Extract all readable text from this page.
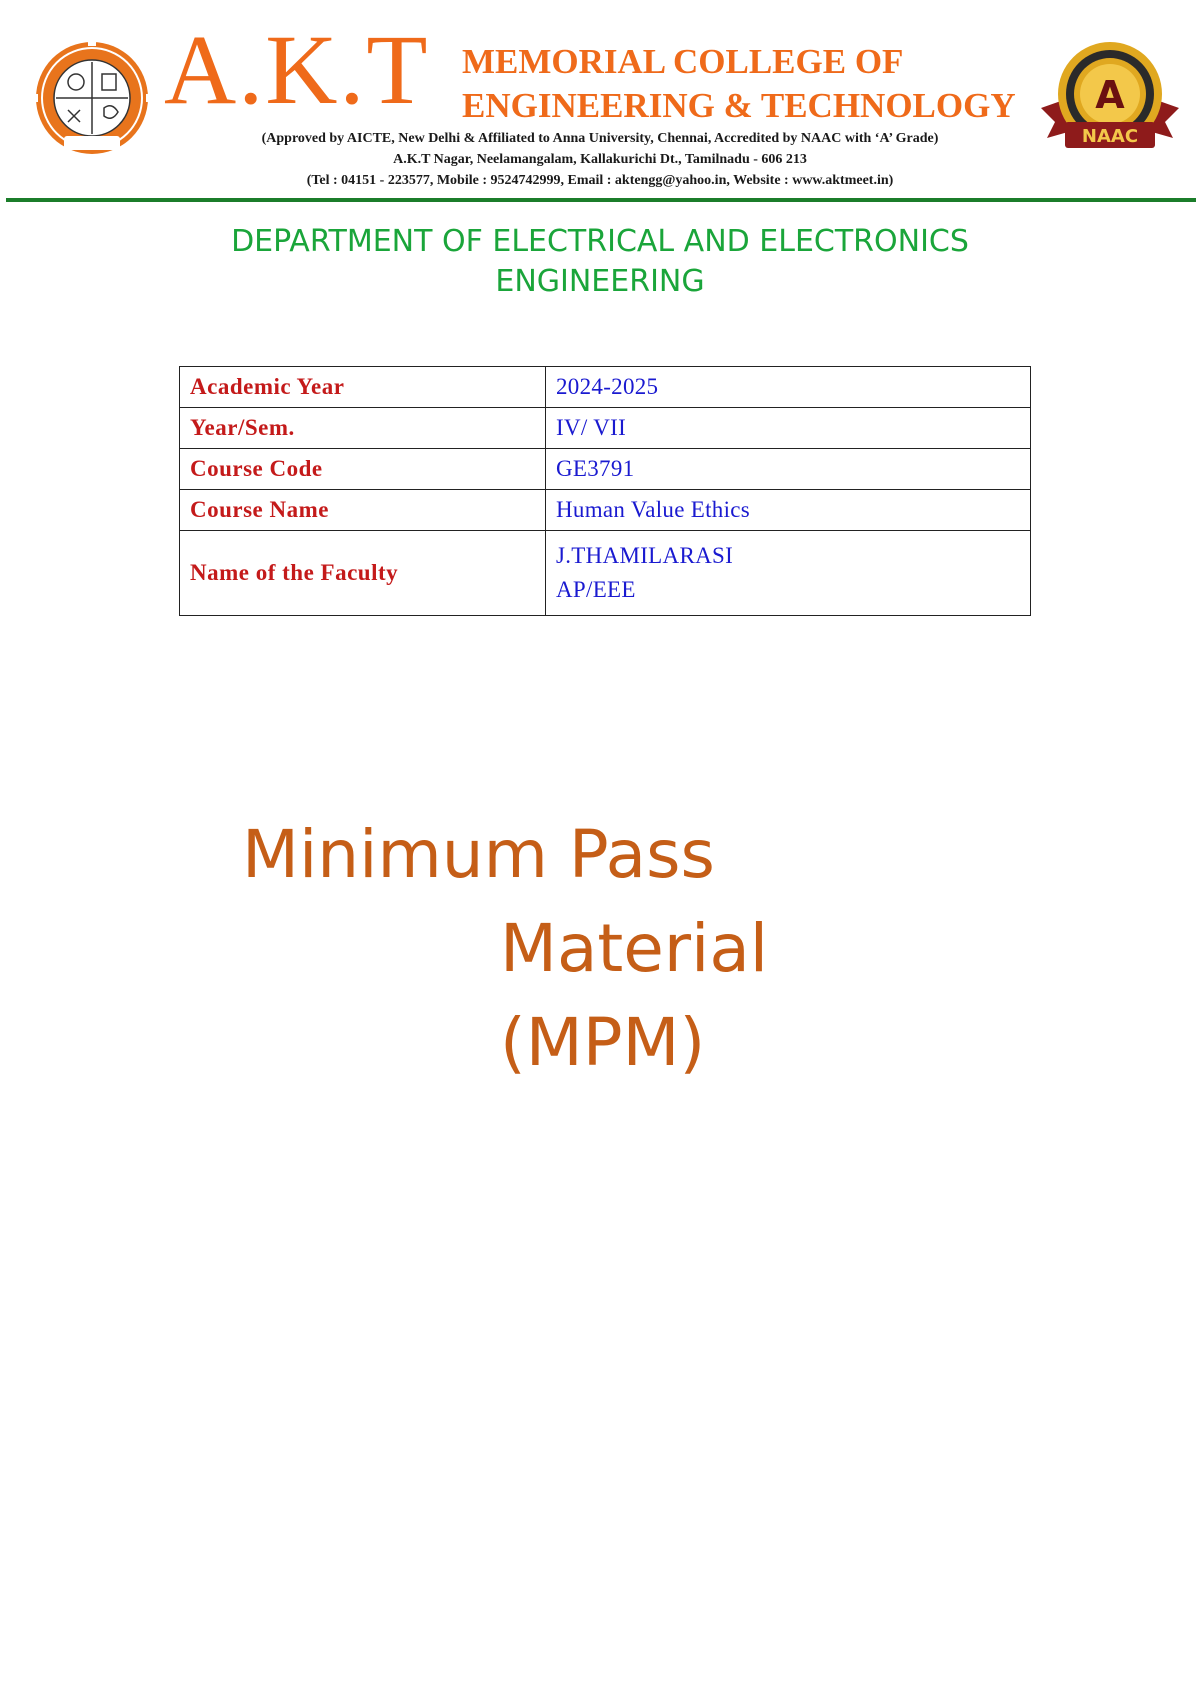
A.K.T MEMORIAL COLLEGE OF
ENGINEERING & TECHNOLOGY
(Approved by AICTE, New Delhi & Affiliated to Anna University, Chennai, Accredited by NAAC with ‘A’ Grade)
A.K.T Nagar, Neelamangalam, Kallakurichi Dt., Tamilnadu - 606 213
(Tel : 04151 - 223577, Mobile : 9524742999, Email : aktengg@yahoo.in, Website : www.aktmeet.in)
A
NAAC
DEPARTMENT OF ELECTRICAL AND ELECTRONICS
ENGINEERING
Academic Year	2024-2025
Year/Sem.	IV/ VII
Course Code	GE3791
Course Name	Human Value Ethics
Name of the Faculty	J.THAMILARASI
AP/EEE
Minimum Pass
Material
(MPM)
